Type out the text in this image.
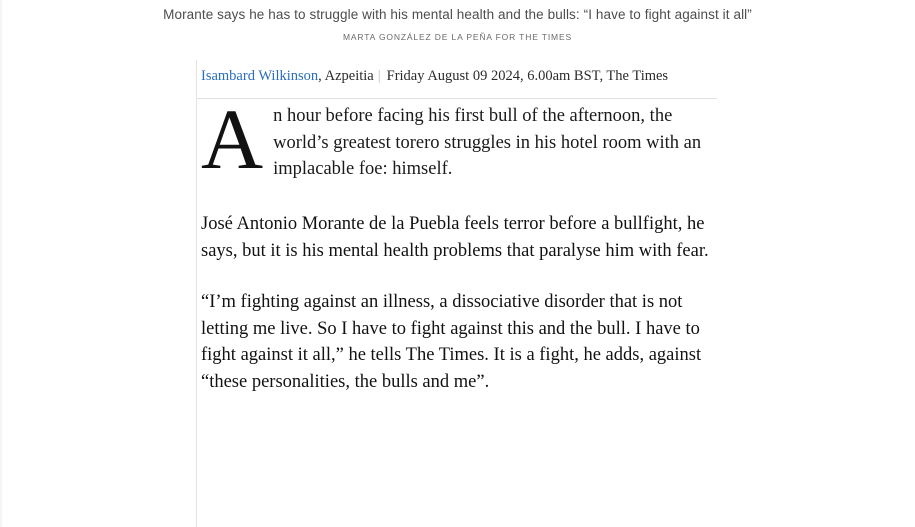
Morante says he has to struggle with his mental health and the bulls: “I have to fight against it all”
MARTA GONZÁLEZ DE LA PEÑA FOR THE TIMES
Isambard Wilkinson, Azpeitia | Friday August 09 2024, 6.00am BST, The Times
A n hour before facing his first bull of the afternoon, the world’s greatest torero struggles in his hotel room with an implacable foe: himself.

José Antonio Morante de la Puebla feels terror before a bullfight, he says, but it is his mental health problems that paralyse him with fear.

“I’m fighting against an illness, a dissociative disorder that is not letting me live. So I have to fight against this and the bull. I have to fight against it all,” he tells The Times. It is a fight, he adds, against “these personalities, the bulls and me”.
